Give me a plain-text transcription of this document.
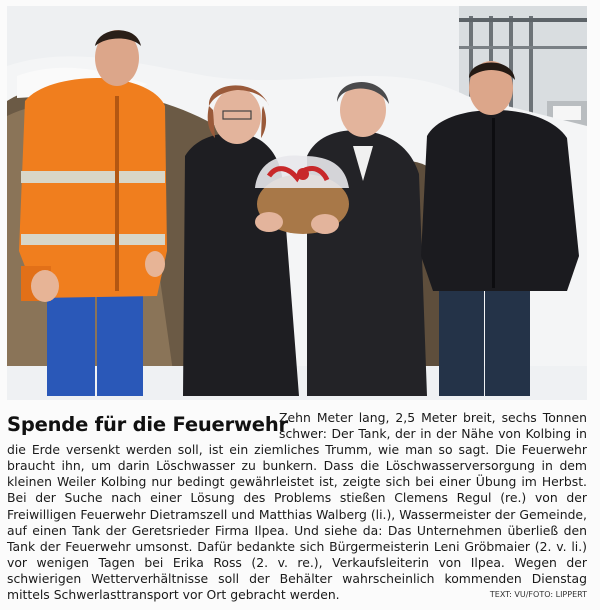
Spende für die Feuerwehr

Zehn Meter lang, 2,5 Meter breit, sechs Tonnen schwer: Der Tank, der in der Nähe von Kolbing in die Erde versenkt werden soll, ist ein ziemliches Trumm, wie man so sagt. Die Feuerwehr braucht ihn, um darin Löschwasser zu bunkern. Dass die Löschwasserversorgung in dem kleinen Weiler Kolbing nur bedingt gewährleistet ist, zeigte sich bei einer Übung im Herbst. Bei der Suche nach einer Lösung des Problems stießen Clemens Regul (re.) von der Freiwilligen Feuerwehr Dietramszell und Matthias Walberg (li.), Wassermeister der Gemeinde, auf einen Tank der Geretsrieder Firma Ilpea. Und siehe da: Das Unternehmen überließ den Tank der Feuerwehr umsonst. Dafür bedankte sich Bürgermeisterin Leni Gröbmaier (2. v. li.) vor wenigen Tagen bei Erika Ross (2. v. re.), Verkaufsleiterin von Ilpea. Wegen der schwierigen Wetterverhältnisse soll der Behälter wahrscheinlich kommenden Dienstag mittels Schwerlasttransport vor Ort gebracht werden.	TEXT: VU/FOTO: LIPPERT
